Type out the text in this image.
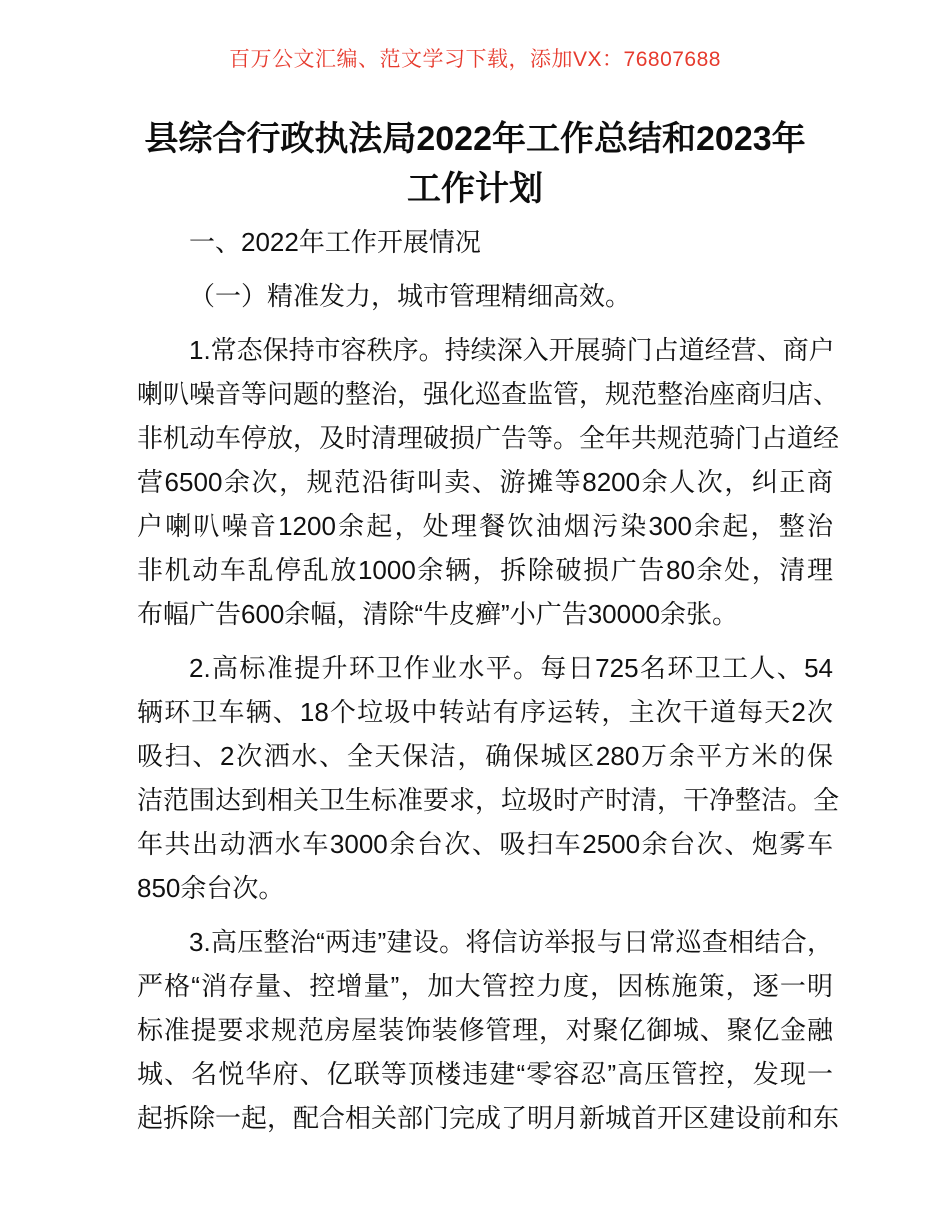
百万公文汇编、范文学习下载，添加VX：76807688
县综合行政执法局2022年工作总结和2023年
工作计划
一、2022年工作开展情况
（一）精准发力，城市管理精细高效。
1.常态保持市容秩序。持续深入开展骑门占道经营、商户
喇叭噪音等问题的整治，强化巡查监管，规范整治座商归店、
非机动车停放，及时清理破损广告等。全年共规范骑门占道经
营6500余次，规范沿街叫卖、游摊等8200余人次，纠正商
户喇叭噪音1200余起，处理餐饮油烟污染300余起，整治
非机动车乱停乱放1000余辆，拆除破损广告80余处，清理
布幅广告600余幅，清除“牛皮癣”小广告30000余张。
2.高标准提升环卫作业水平。每日725名环卫工人、54
辆环卫车辆、18个垃圾中转站有序运转，主次干道每天2次
吸扫、2次洒水、全天保洁，确保城区280万余平方米的保
洁范围达到相关卫生标准要求，垃圾时产时清，干净整洁。全
年共出动洒水车3000余台次、吸扫车2500余台次、炮雾车
850余台次。
3.高压整治“两违”建设。将信访举报与日常巡查相结合，
严格“消存量、控增量”，加大管控力度，因栋施策，逐一明
标准提要求规范房屋装饰装修管理，对聚亿御城、聚亿金融
城、名悦华府、亿联等顶楼违建“零容忍”高压管控，发现一
起拆除一起，配合相关部门完成了明月新城首开区建设前和东
